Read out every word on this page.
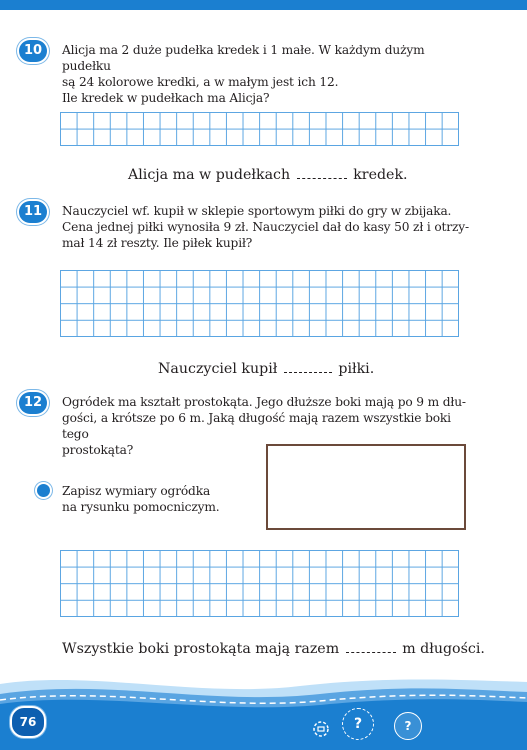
10	Alicja ma 2 duże pudełka kredek i 1 małe. W każdym dużym pudełku
są 24 kolorowe kredki, a w małym jest ich 12.
Ile kredek w pudełkach ma Alicja?
Alicja ma w pudełkach	kredek.
11	Nauczyciel wf. kupił w sklepie sportowym piłki do gry w zbijaka.
Cena jednej piłki wynosiła 9 zł. Nauczyciel dał do kasy 50 zł i otrzy-
mał 14 zł reszty. Ile piłek kupił?
Nauczyciel kupił	piłki.
12	Ogródek ma kształt prostokąta. Jego dłuższe boki mają po 9 m dłu-
gości, a krótsze po 6 m. Jaką długość mają razem wszystkie boki tego
prostokąta?
Zapisz wymiary ogródka
na rysunku pomocniczym.
Wszystkie boki prostokąta mają razem	m długości.
76	?	?
